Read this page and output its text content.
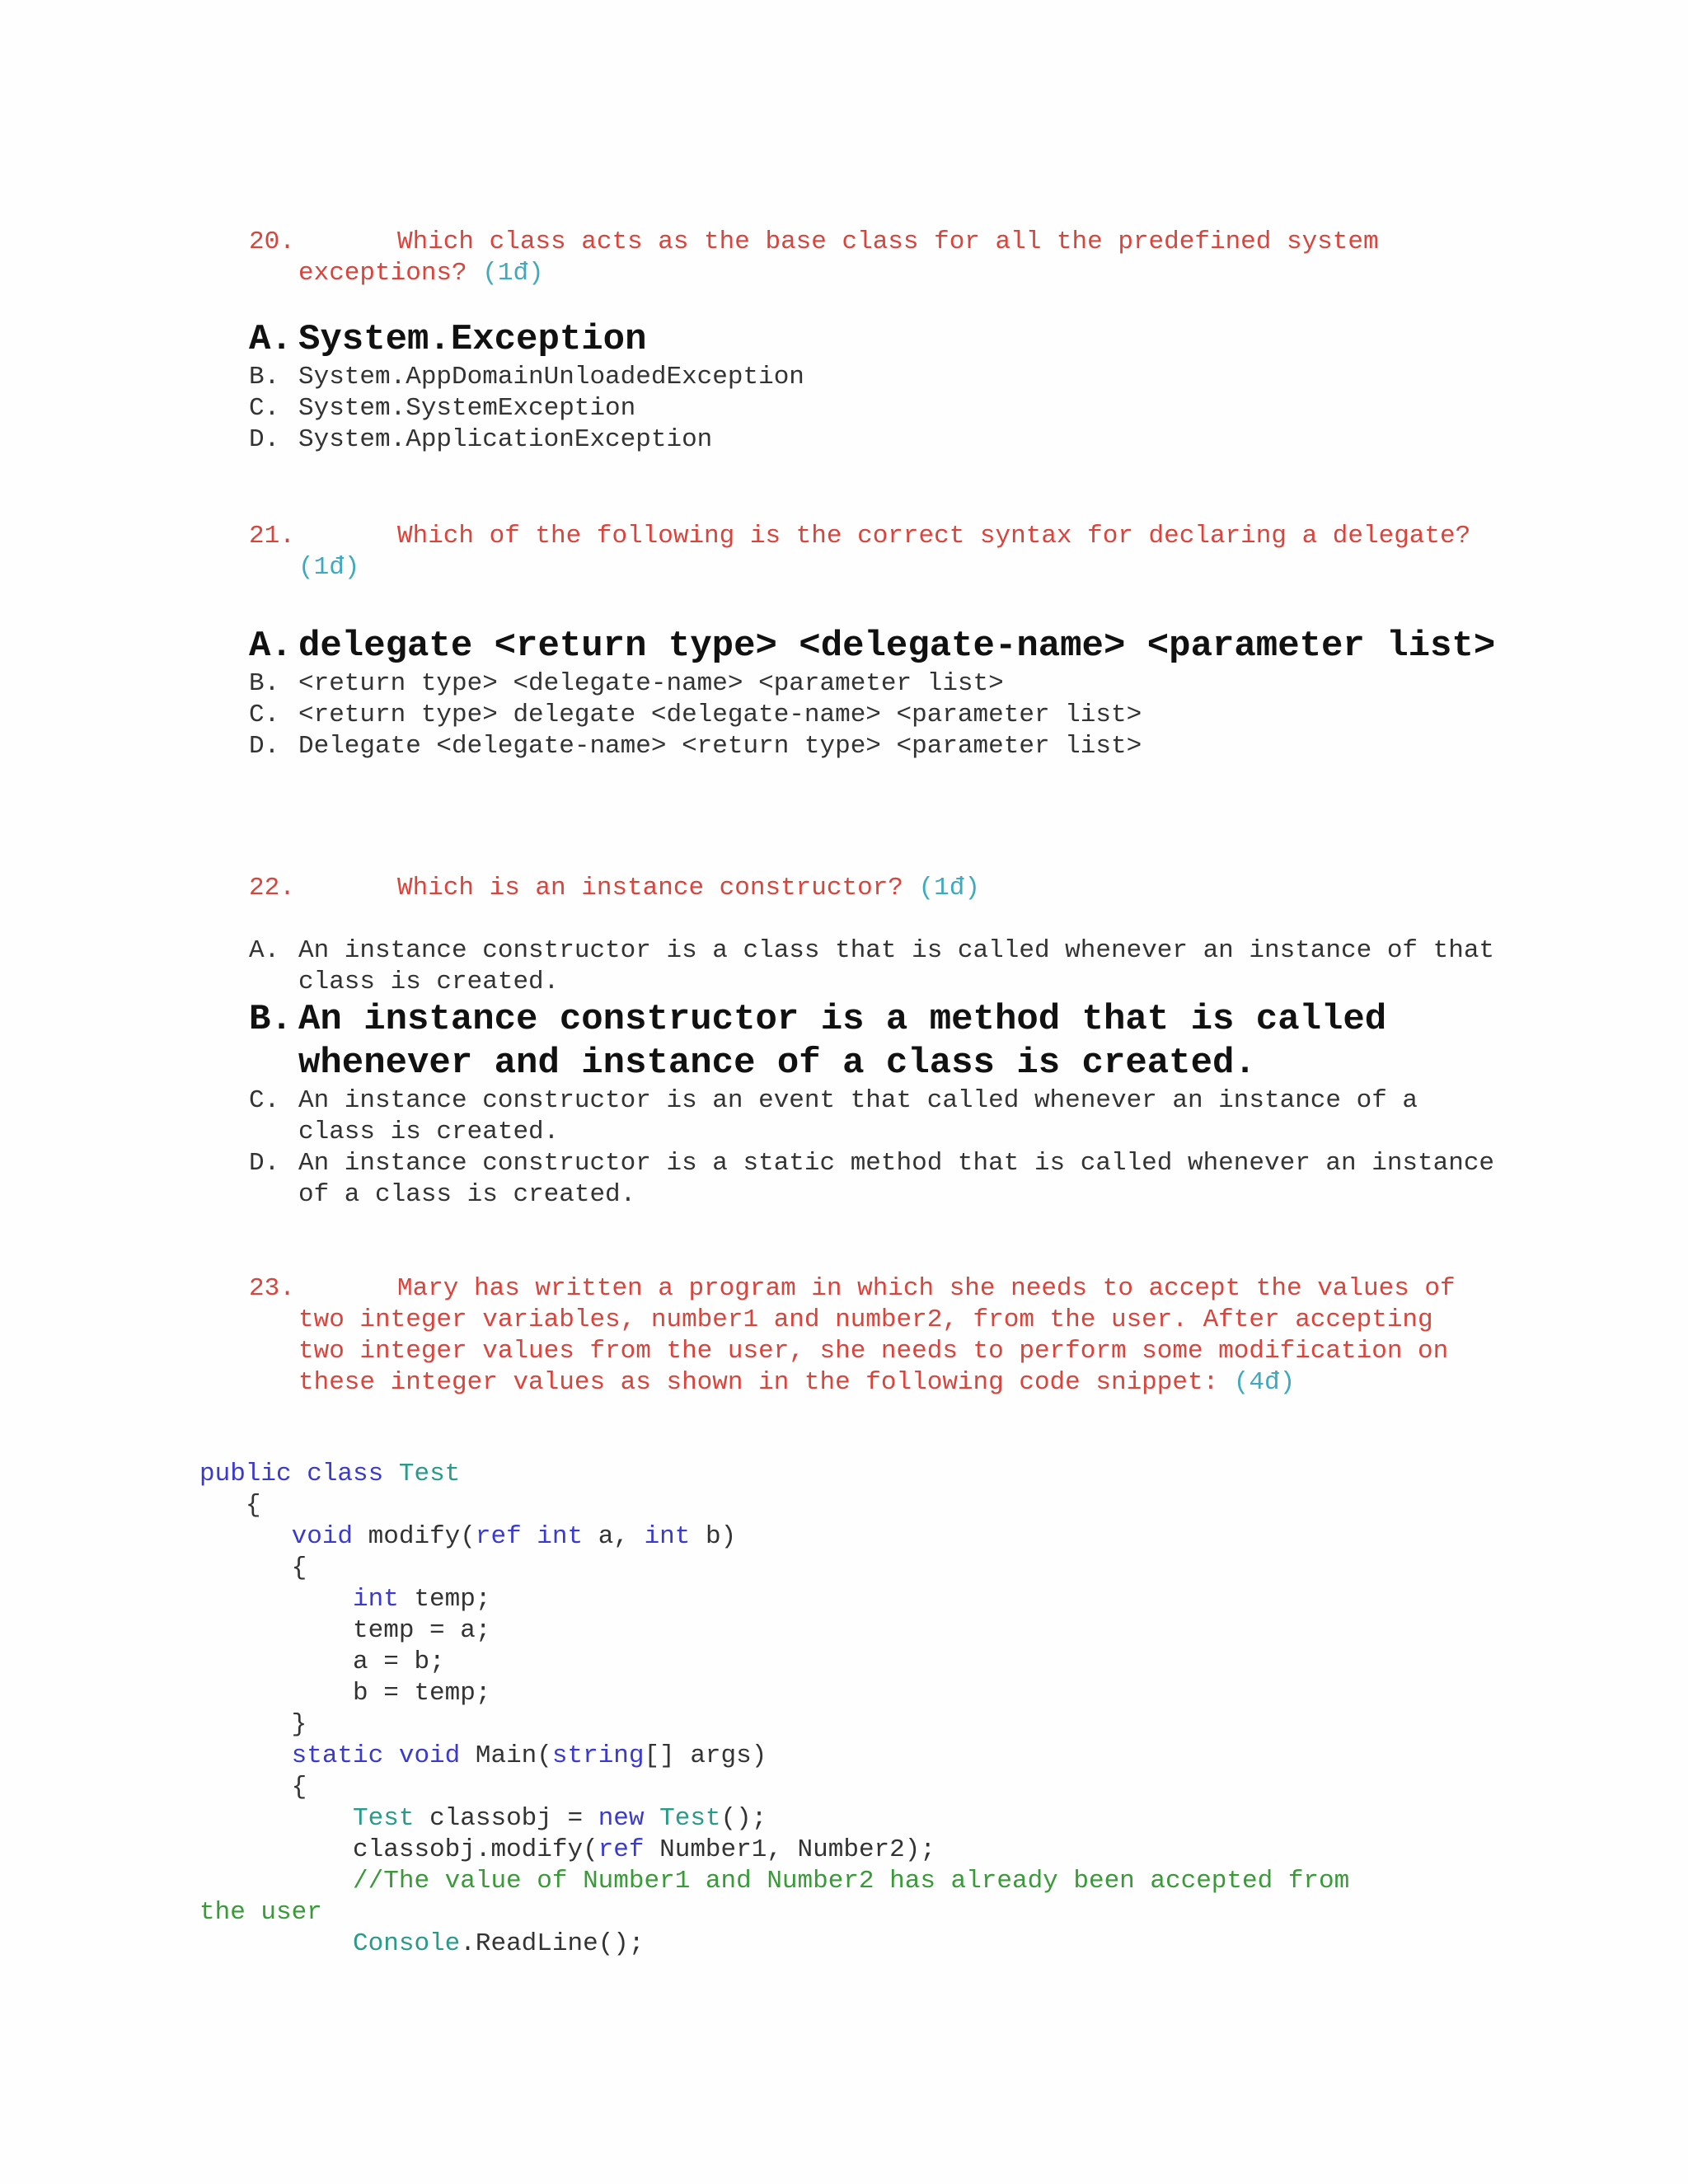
20.	Which class acts as the base class for all the predefined system exceptions? (1đ)
A. System.Exception
B. System.AppDomainUnloadedException
C. System.SystemException
D. System.ApplicationException
21.	Which of the following is the correct syntax for declaring a delegate? (1đ)
A. delegate <return type> <delegate-name> <parameter list>
B. <return type> <delegate-name> <parameter list>
C. <return type> delegate <delegate-name> <parameter list>
D. Delegate <delegate-name> <return type> <parameter list>
22.	Which is an instance constructor? (1đ)
A. An instance constructor is a class that is called whenever an instance of that class is created.
B. An instance constructor is a method that is called whenever and instance of a class is created.
C. An instance constructor is an event that called whenever an instance of a class is created.
D. An instance constructor is a static method that is called whenever an instance of a class is created.
23.	Mary has written a program in which she needs to accept the values of two integer variables, number1 and number2, from the user. After accepting two integer values from the user, she needs to perform some modification on these integer values as shown in the following code snippet: (4đ)
public class Test
{
void modify(ref int a, int b)
{
int temp;
temp = a;
a = b;
b = temp;
}
static void Main(string[] args)
{
Test classobj = new Test();
classobj.modify(ref Number1, Number2);
//The value of Number1 and Number2 has already been accepted from
the user
Console.ReadLine();
